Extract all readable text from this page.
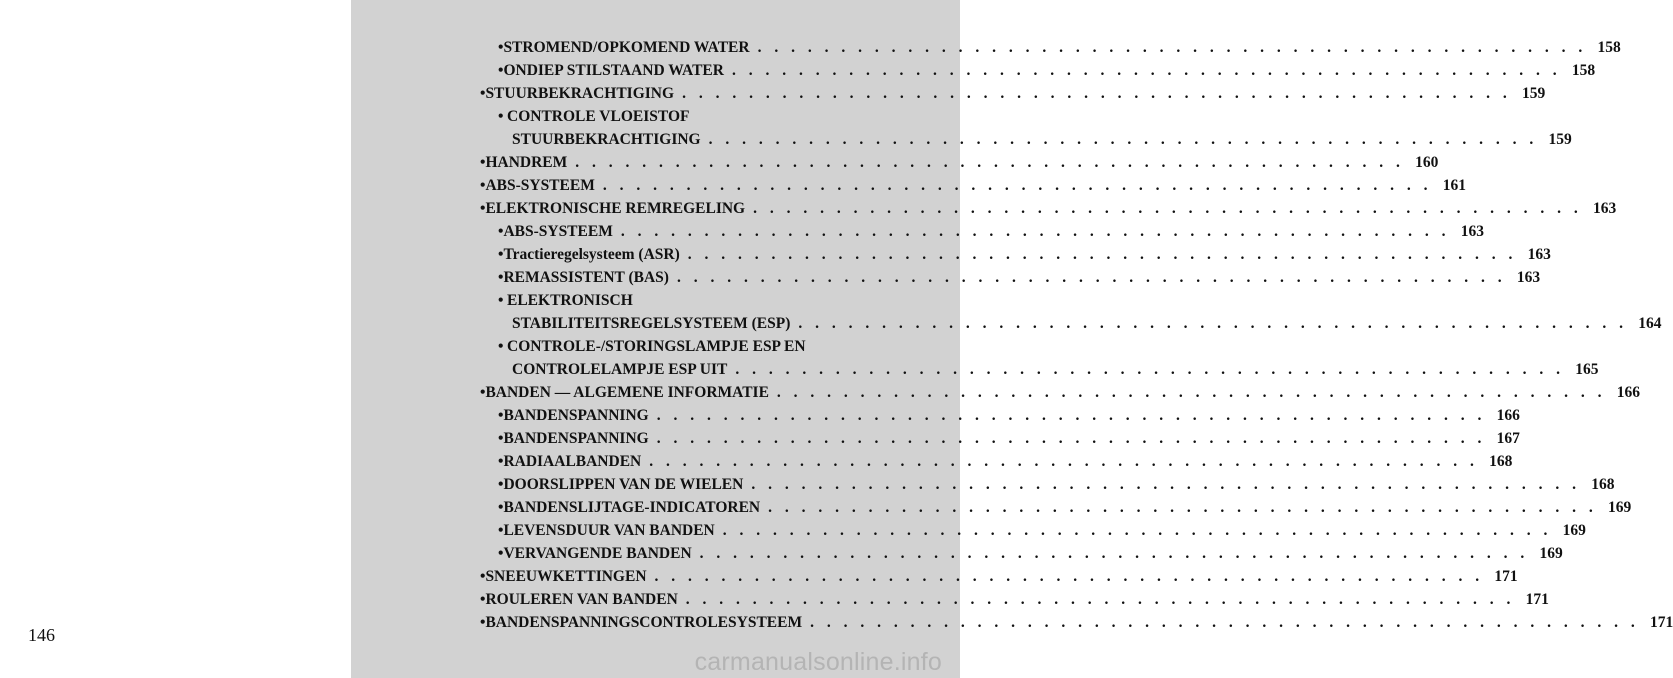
• STROMEND/OPKOMEND WATER . . . . . . . . . . . . . . . . . . . . . . . . . . . . . . . . . . . . . . . . . . . . . . . . . . 158
• ONDIEP STILSTAAND WATER . . . . . . . . . . . . . . . . . . . . . . . . . . . . . . . . . . . . . . . . . . . . . . . . . . 158
• STUURBEKRACHTIGING . . . . . . . . . . . . . . . . . . . . . . . . . . . . . . . . . . . . . . . . . . . . . . . . . . 159
• CONTROLE VLOEISTOF
STUURBEKRACHTIGING . . . . . . . . . . . . . . . . . . . . . . . . . . . . . . . . . . . . . . . . . . . . . . . . . . 159
• HANDREM . . . . . . . . . . . . . . . . . . . . . . . . . . . . . . . . . . . . . . . . . . . . . . . . . . 160
• ABS-SYSTEEM . . . . . . . . . . . . . . . . . . . . . . . . . . . . . . . . . . . . . . . . . . . . . . . . . . 161
• ELEKTRONISCHE REMREGELING . . . . . . . . . . . . . . . . . . . . . . . . . . . . . . . . . . . . . . . . . . . . . . . . . . 163
• ABS-SYSTEEM . . . . . . . . . . . . . . . . . . . . . . . . . . . . . . . . . . . . . . . . . . . . . . . . . . 163
• Tractieregelsysteem (ASR) . . . . . . . . . . . . . . . . . . . . . . . . . . . . . . . . . . . . . . . . . . . . . . . . . . 163
• REMASSISTENT (BAS) . . . . . . . . . . . . . . . . . . . . . . . . . . . . . . . . . . . . . . . . . . . . . . . . . . 163
• ELEKTRONISCH
STABILITEITSREGELSYSTEEM (ESP) . . . . . . . . . . . . . . . . . . . . . . . . . . . . . . . . . . . . . . . . . . . . . . . . . . 164
• CONTROLE-/STORINGSLAMPJE ESP EN
CONTROLELAMPJE ESP UIT . . . . . . . . . . . . . . . . . . . . . . . . . . . . . . . . . . . . . . . . . . . . . . . . . . 165
• BANDEN — ALGEMENE INFORMATIE . . . . . . . . . . . . . . . . . . . . . . . . . . . . . . . . . . . . . . . . . . . . . . . . . . 166
• BANDENSPANNING . . . . . . . . . . . . . . . . . . . . . . . . . . . . . . . . . . . . . . . . . . . . . . . . . . 166
• BANDENSPANNING . . . . . . . . . . . . . . . . . . . . . . . . . . . . . . . . . . . . . . . . . . . . . . . . . . 167
• RADIAALBANDEN . . . . . . . . . . . . . . . . . . . . . . . . . . . . . . . . . . . . . . . . . . . . . . . . . . 168
• DOORSLIPPEN VAN DE WIELEN . . . . . . . . . . . . . . . . . . . . . . . . . . . . . . . . . . . . . . . . . . . . . . . . . . 168
• BANDENSLIJTAGE-INDICATOREN . . . . . . . . . . . . . . . . . . . . . . . . . . . . . . . . . . . . . . . . . . . . . . . . . . 169
• LEVENSDUUR VAN BANDEN . . . . . . . . . . . . . . . . . . . . . . . . . . . . . . . . . . . . . . . . . . . . . . . . . . 169
• VERVANGENDE BANDEN . . . . . . . . . . . . . . . . . . . . . . . . . . . . . . . . . . . . . . . . . . . . . . . . . . 169
• SNEEUWKETTINGEN . . . . . . . . . . . . . . . . . . . . . . . . . . . . . . . . . . . . . . . . . . . . . . . . . . 171
• ROULEREN VAN BANDEN . . . . . . . . . . . . . . . . . . . . . . . . . . . . . . . . . . . . . . . . . . . . . . . . . . 171
• BANDENSPANNINGSCONTROLESYSTEEM . . . . . . . . . . . . . . . . . . . . . . . . . . . . . . . . . . . . . . . . . . . . . . . . . . 171
146
carmanualsonline.info
